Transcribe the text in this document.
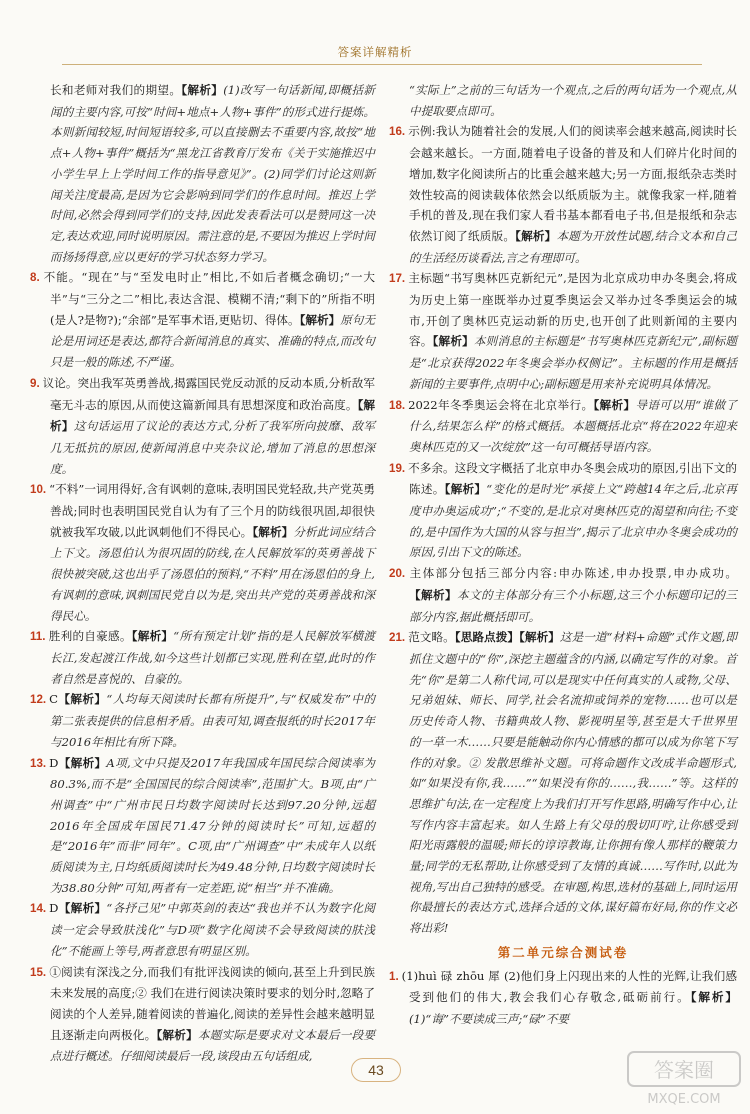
答案详解精析

长和老师对我们的期望。【解析】(1)改写一句话新闻,即概括新闻的主要内容,可按“时间+地点+人物+事件”的形式进行提炼。本则新闻较短,时间短语较多,可以直接删去不重要内容,故按“地点+人物+事件”概括为“黑龙江省教育厅发布《关于实施推迟中小学生早上上学时间工作的指导意见》”。(2)同学们讨论这则新闻关注度最高,是因为它会影响到同学们的作息时间。推迟上学时间,必然会得到同学们的支持,因此发表看法可以是赞同这一决定,表达欢迎,同时说明原因。需注意的是,不要因为推迟上学时间而扬扬得意,应以更好的学习状态努力学习。

8. 不能。“现在”与“至发电时止”相比,不如后者概念确切;“一大半”与“三分之二”相比,表达含混、模糊不清;“剩下的”所指不明(是人?是物?);“余部”是军事术语,更贴切、得体。【解析】原句无论是用词还是表达,都符合新闻消息的真实、准确的特点,而改句只是一般的陈述,不严谨。

9. 议论。突出我军英勇善战,揭露国民党反动派的反动本质,分析敌军毫无斗志的原因,从而使这篇新闻具有思想深度和政治高度。【解析】这句话运用了议论的表达方式,分析了我军所向披靡、敌军几无抵抗的原因,使新闻消息中夹杂议论,增加了消息的思想深度。

10. “不料”一词用得好,含有讽刺的意味,表明国民党轻敌,共产党英勇善战;同时也表明国民党自认为有了三个月的防线很巩固,却很快就被我军攻破,以此讽刺他们不得民心。【解析】分析此词应结合上下文。汤恩伯认为很巩固的防线,在人民解放军的英勇善战下很快被突破,这也出乎了汤恩伯的预料,“不料”用在汤恩伯的身上,有讽刺的意味,讽刺国民党自以为是,突出共产党的英勇善战和深得民心。

11. 胜利的自豪感。【解析】“所有预定计划”指的是人民解放军横渡长江,发起渡江作战,如今这些计划都已实现,胜利在望,此时的作者自然是喜悦的、自豪的。

12. C【解析】“人均每天阅读时长都有所提升”,与“权威发布”中的第二张表提供的信息相矛盾。由表可知,调查报纸的时长2017年与2016年相比有所下降。

13. D【解析】A项,文中只提及2017年我国成年国民综合阅读率为80.3%,而不是“全国国民的综合阅读率”,范围扩大。B项,由“广州调查”中“广州市民日均数字阅读时长达到97.20分钟,远超2016年全国成年国民71.47分钟的阅读时长”可知,远超的是“2016年”而非“同年”。C项,由“广州调查”中“未成年人以纸质阅读为主,日均纸质阅读时长为49.48分钟,日均数字阅读时长为38.80分钟”可知,两者有一定差距,说“相当”并不准确。

14. D【解析】“各抒己见”中郭英剑的表达“我也并不认为数字化阅读一定会导致肤浅化”与D项“数字化阅读不会导致阅读的肤浅化”不能画上等号,两者意思有明显区别。

15. ①阅读有深浅之分,而我们有批评浅阅读的倾向,甚至上升到民族未来发展的高度;② 我们在进行阅读决策时要求的划分时,忽略了阅读的个人差异,随着阅读的普遍化,阅读的差异性会越来越明显且逐渐走向两极化。【解析】本题实际是要求对文本最后一段要点进行概述。仔细阅读最后一段,该段由五句话组成,

“实际上”之前的三句话为一个观点,之后的两句话为一个观点,从中提取要点即可。

16. 示例:我认为随着社会的发展,人们的阅读率会越来越高,阅读时长会越来越长。一方面,随着电子设备的普及和人们碎片化时间的增加,数字化阅读所占的比重会越来越大;另一方面,报纸杂志类时效性较高的阅读载体依然会以纸质版为主。就像我家一样,随着手机的普及,现在我们家人看书基本都看电子书,但是报纸和杂志依然订阅了纸质版。【解析】本题为开放性试题,结合文本和自己的生活经历谈看法,言之有理即可。

17. 主标题“书写奥林匹克新纪元”,是因为北京成功申办冬奥会,将成为历史上第一座既举办过夏季奥运会又举办过冬季奥运会的城市,开创了奥林匹克运动新的历史,也开创了此则新闻的主要内容。【解析】本则消息的主标题是“书写奥林匹克新纪元”,副标题是“北京获得2022年冬奥会举办权侧记”。主标题的作用是概括新闻的主要事件,点明中心;副标题是用来补充说明具体情况。

18. 2022年冬季奥运会将在北京举行。【解析】导语可以用“谁做了什么,结果怎么样”的格式概括。本题概括北京“将在2022年迎来奥林匹克的又一次绽放”这一句可概括导语内容。

19. 不多余。这段文字概括了北京申办冬奥会成功的原因,引出下文的陈述。【解析】“变化的是时光”承接上文“跨越14年之后,北京再度申办奥运成功”;“不变的,是北京对奥林匹克的渴望和向往;不变的,是中国作为大国的从容与担当”,揭示了北京申办冬奥会成功的原因,引出下文的陈述。

20. 主体部分包括三部分内容:申办陈述,申办投票,申办成功。【解析】本文的主体部分有三个小标题,这三个小标题印记的三部分内容,据此概括即可。

21. 范文略。【思路点拨】【解析】这是一道“材料+命题”式作文题,即抓住文题中的“你”,深挖主题蕴含的内涵,以确定写作的对象。首先“你”是第二人称代词,可以是现实中任何真实的人或物,父母、兄弟姐妹、师长、同学,社会名流抑或饲养的宠物……也可以是历史传奇人物、书籍典故人物、影视明星等,甚至是大千世界里的一草一木……只要是能触动你内心情感的都可以成为你笔下写作的对象。② 发散思维补文题。可将命题作文改成半命题形式,如“如果没有你,我……”“如果没有你的……,我……”等。这样的思维扩句法,在一定程度上为我们打开写作思路,明确写作中心,让写作内容丰富起来。如人生路上有父母的殷切叮咛,让你感受到阳光雨露般的温暖;师长的谆谆教诲,让你拥有像人那样的鞭策力量;同学的无私帮助,让你感受到了友情的真诚……写作时,以此为视角,写出自己独特的感受。在审题,构思,选材的基础上,同时运用你最擅长的表达方式,选择合适的文体,谋好篇布好局,你的作文必将出彩!

第二单元综合测试卷

1. (1)huì 碌 zhōu 犀 (2)他们身上闪现出来的人性的光辉,让我们感受到他们的伟大,教会我们心存敬念,砥砺前行。【解析】(1)“诲”不要读成三声;“碌”不要

43	答案圈
MXQE.COM
